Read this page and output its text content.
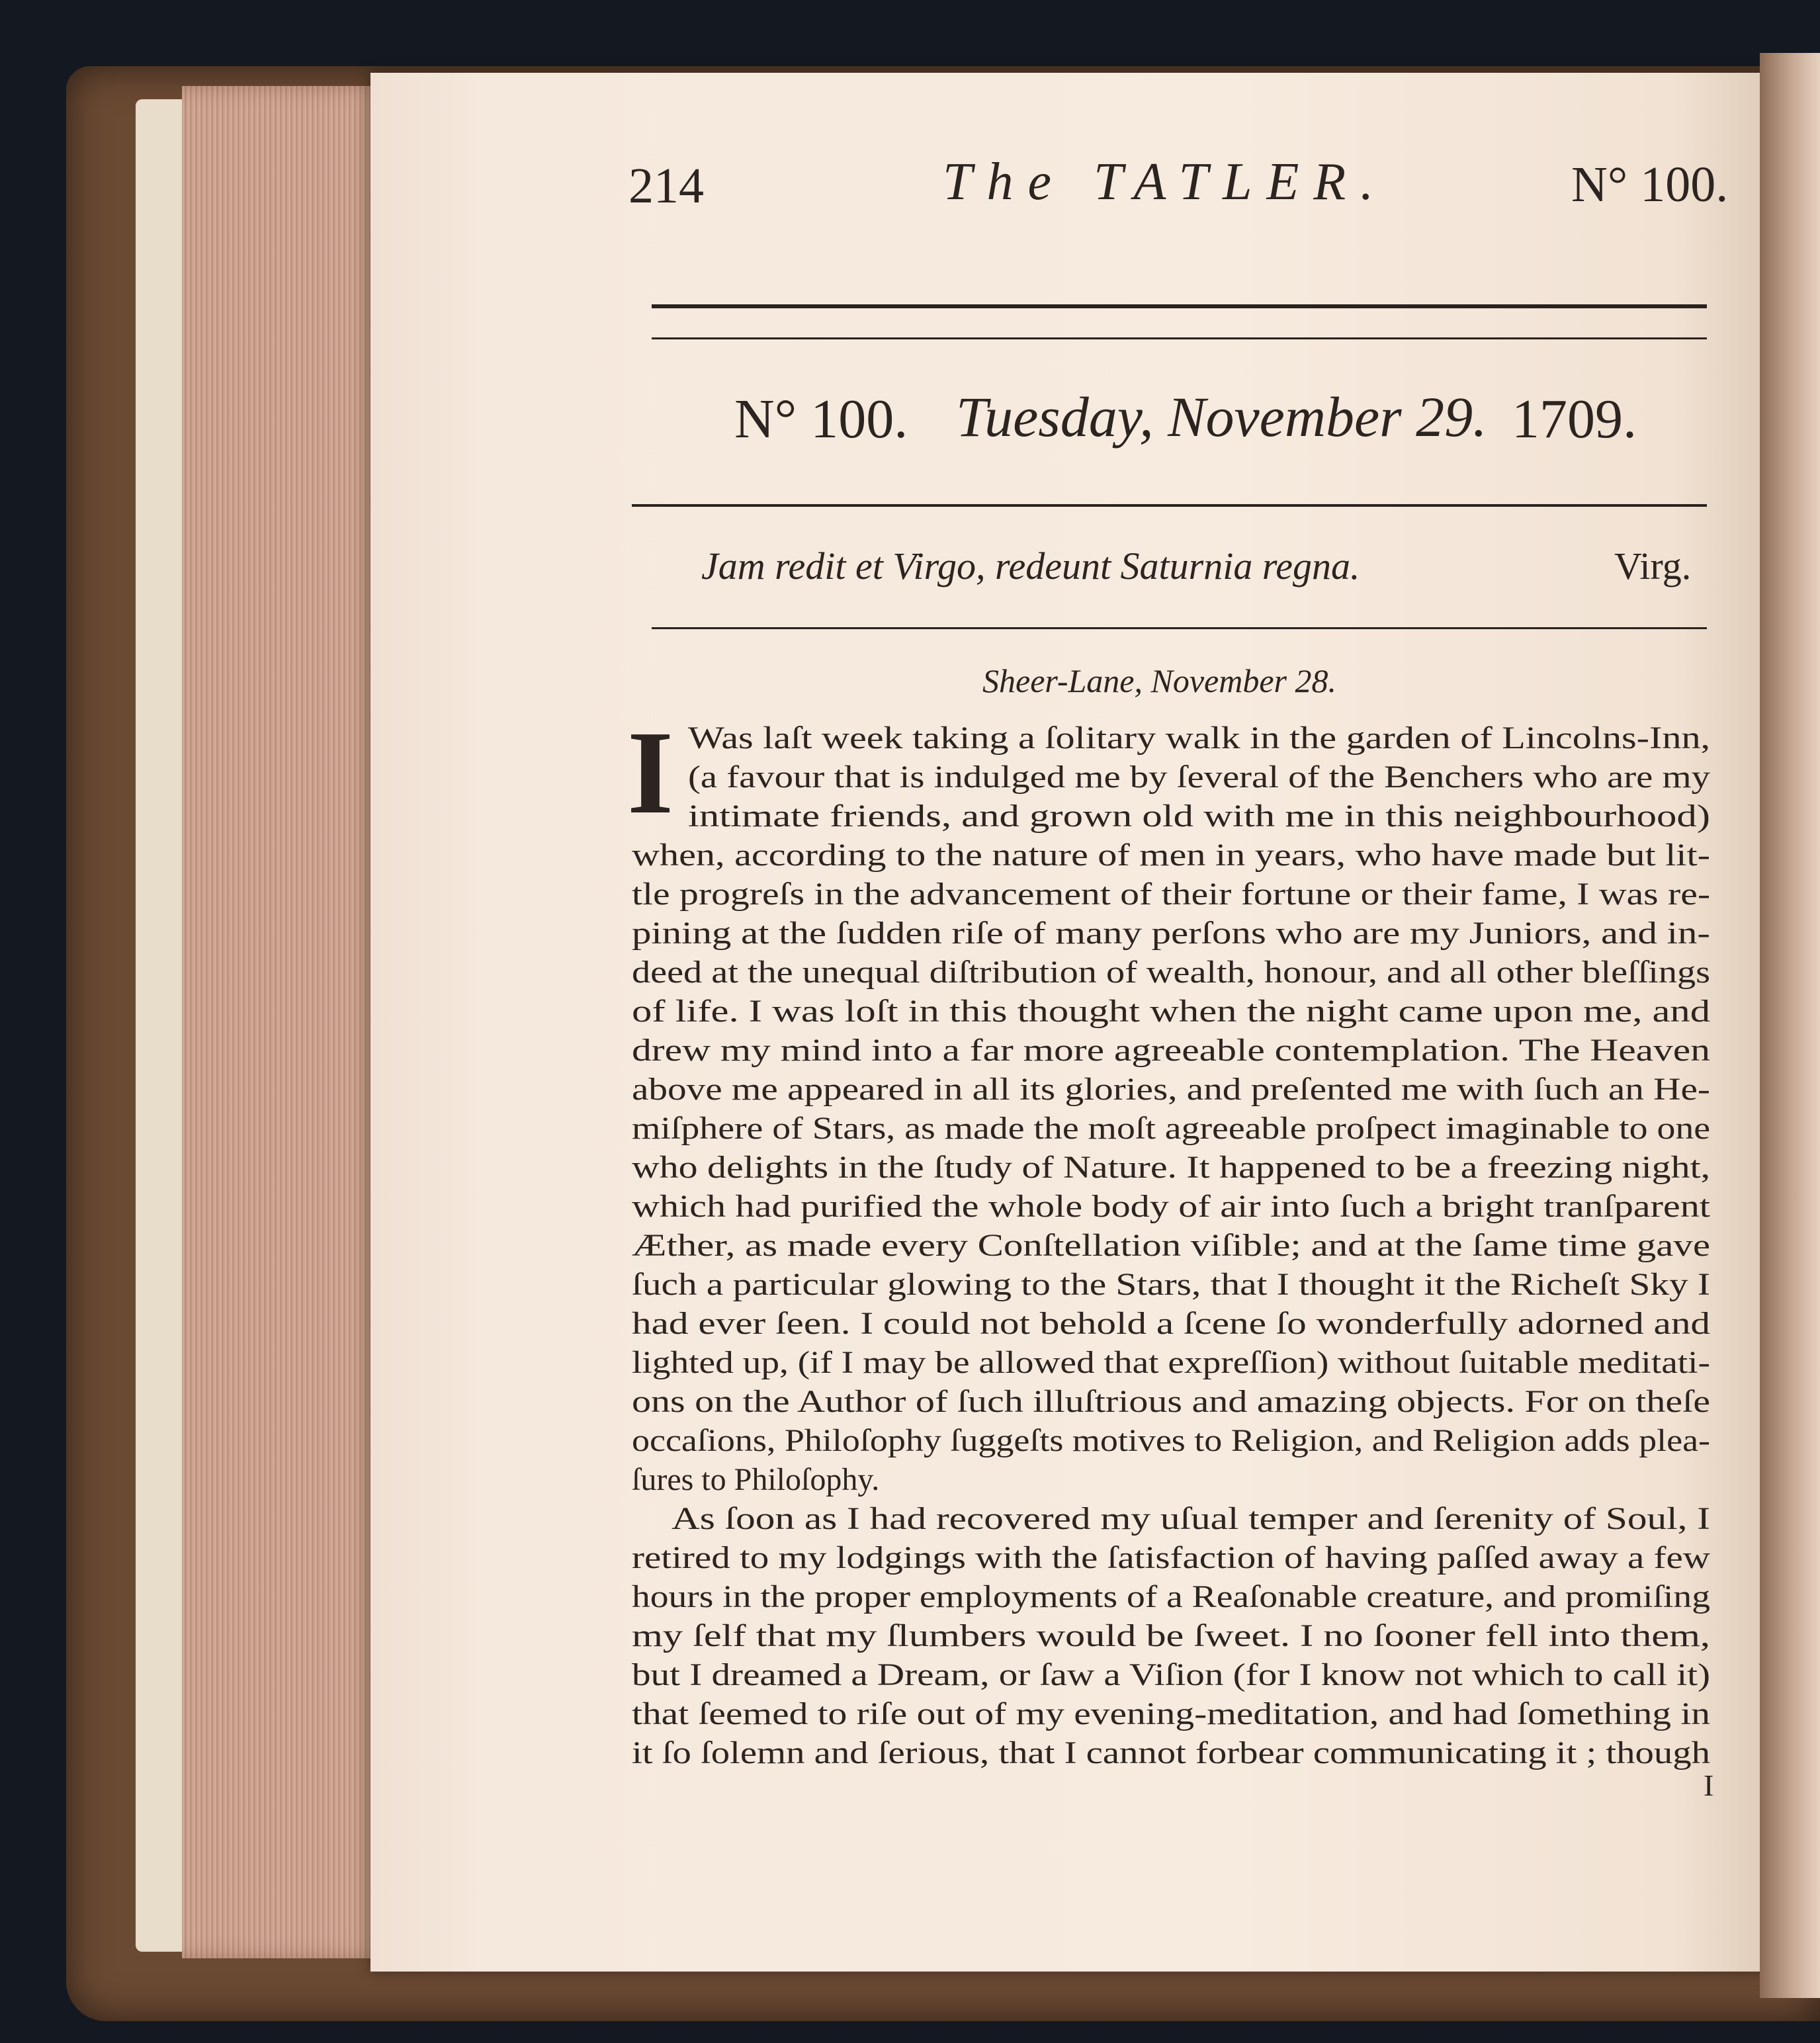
214	The TATLER.	N° 100.
N° 100. Tuesday, November 29. 1709.
Jam redit et Virgo, redeunt Saturnia regna.	Virg.
Sheer-Lane, November 28.
I Was laſt week taking a ſolitary walk in the garden of Lincolns-Inn,
(a favour that is indulged me by ſeveral of the Benchers who are my
intimate friends, and grown old with me in this neighbourhood)
when, according to the nature of men in years, who have made but lit-
tle progreſs in the advancement of their fortune or their fame, I was re-
pining at the ſudden riſe of many perſons who are my Juniors, and in-
deed at the unequal diſtribution of wealth, honour, and all other bleſſings
of life. I was loſt in this thought when the night came upon me, and
drew my mind into a far more agreeable contemplation. The Heaven
above me appeared in all its glories, and preſented me with ſuch an He-
miſphere of Stars, as made the moſt agreeable proſpect imaginable to one
who delights in the ſtudy of Nature. It happened to be a freezing night,
which had purified the whole body of air into ſuch a bright tranſparent
Æther, as made every Conſtellation viſible; and at the ſame time gave
ſuch a particular glowing to the Stars, that I thought it the Richeſt Sky I
had ever ſeen. I could not behold a ſcene ſo wonderfully adorned and
lighted up, (if I may be allowed that expreſſion) without ſuitable meditati-
ons on the Author of ſuch illuſtrious and amazing objects. For on theſe
occaſions, Philoſophy ſuggeſts motives to Religion, and Religion adds plea-
ſures to Philoſophy.
As ſoon as I had recovered my uſual temper and ſerenity of Soul, I
retired to my lodgings with the ſatisfaction of having paſſed away a few
hours in the proper employments of a Reaſonable creature, and promiſing
my ſelf that my ſlumbers would be ſweet. I no ſooner fell into them,
but I dreamed a Dream, or ſaw a Viſion (for I know not which to call it)
that ſeemed to riſe out of my evening-meditation, and had ſomething in
it ſo ſolemn and ſerious, that I cannot forbear communicating it ; though
I
